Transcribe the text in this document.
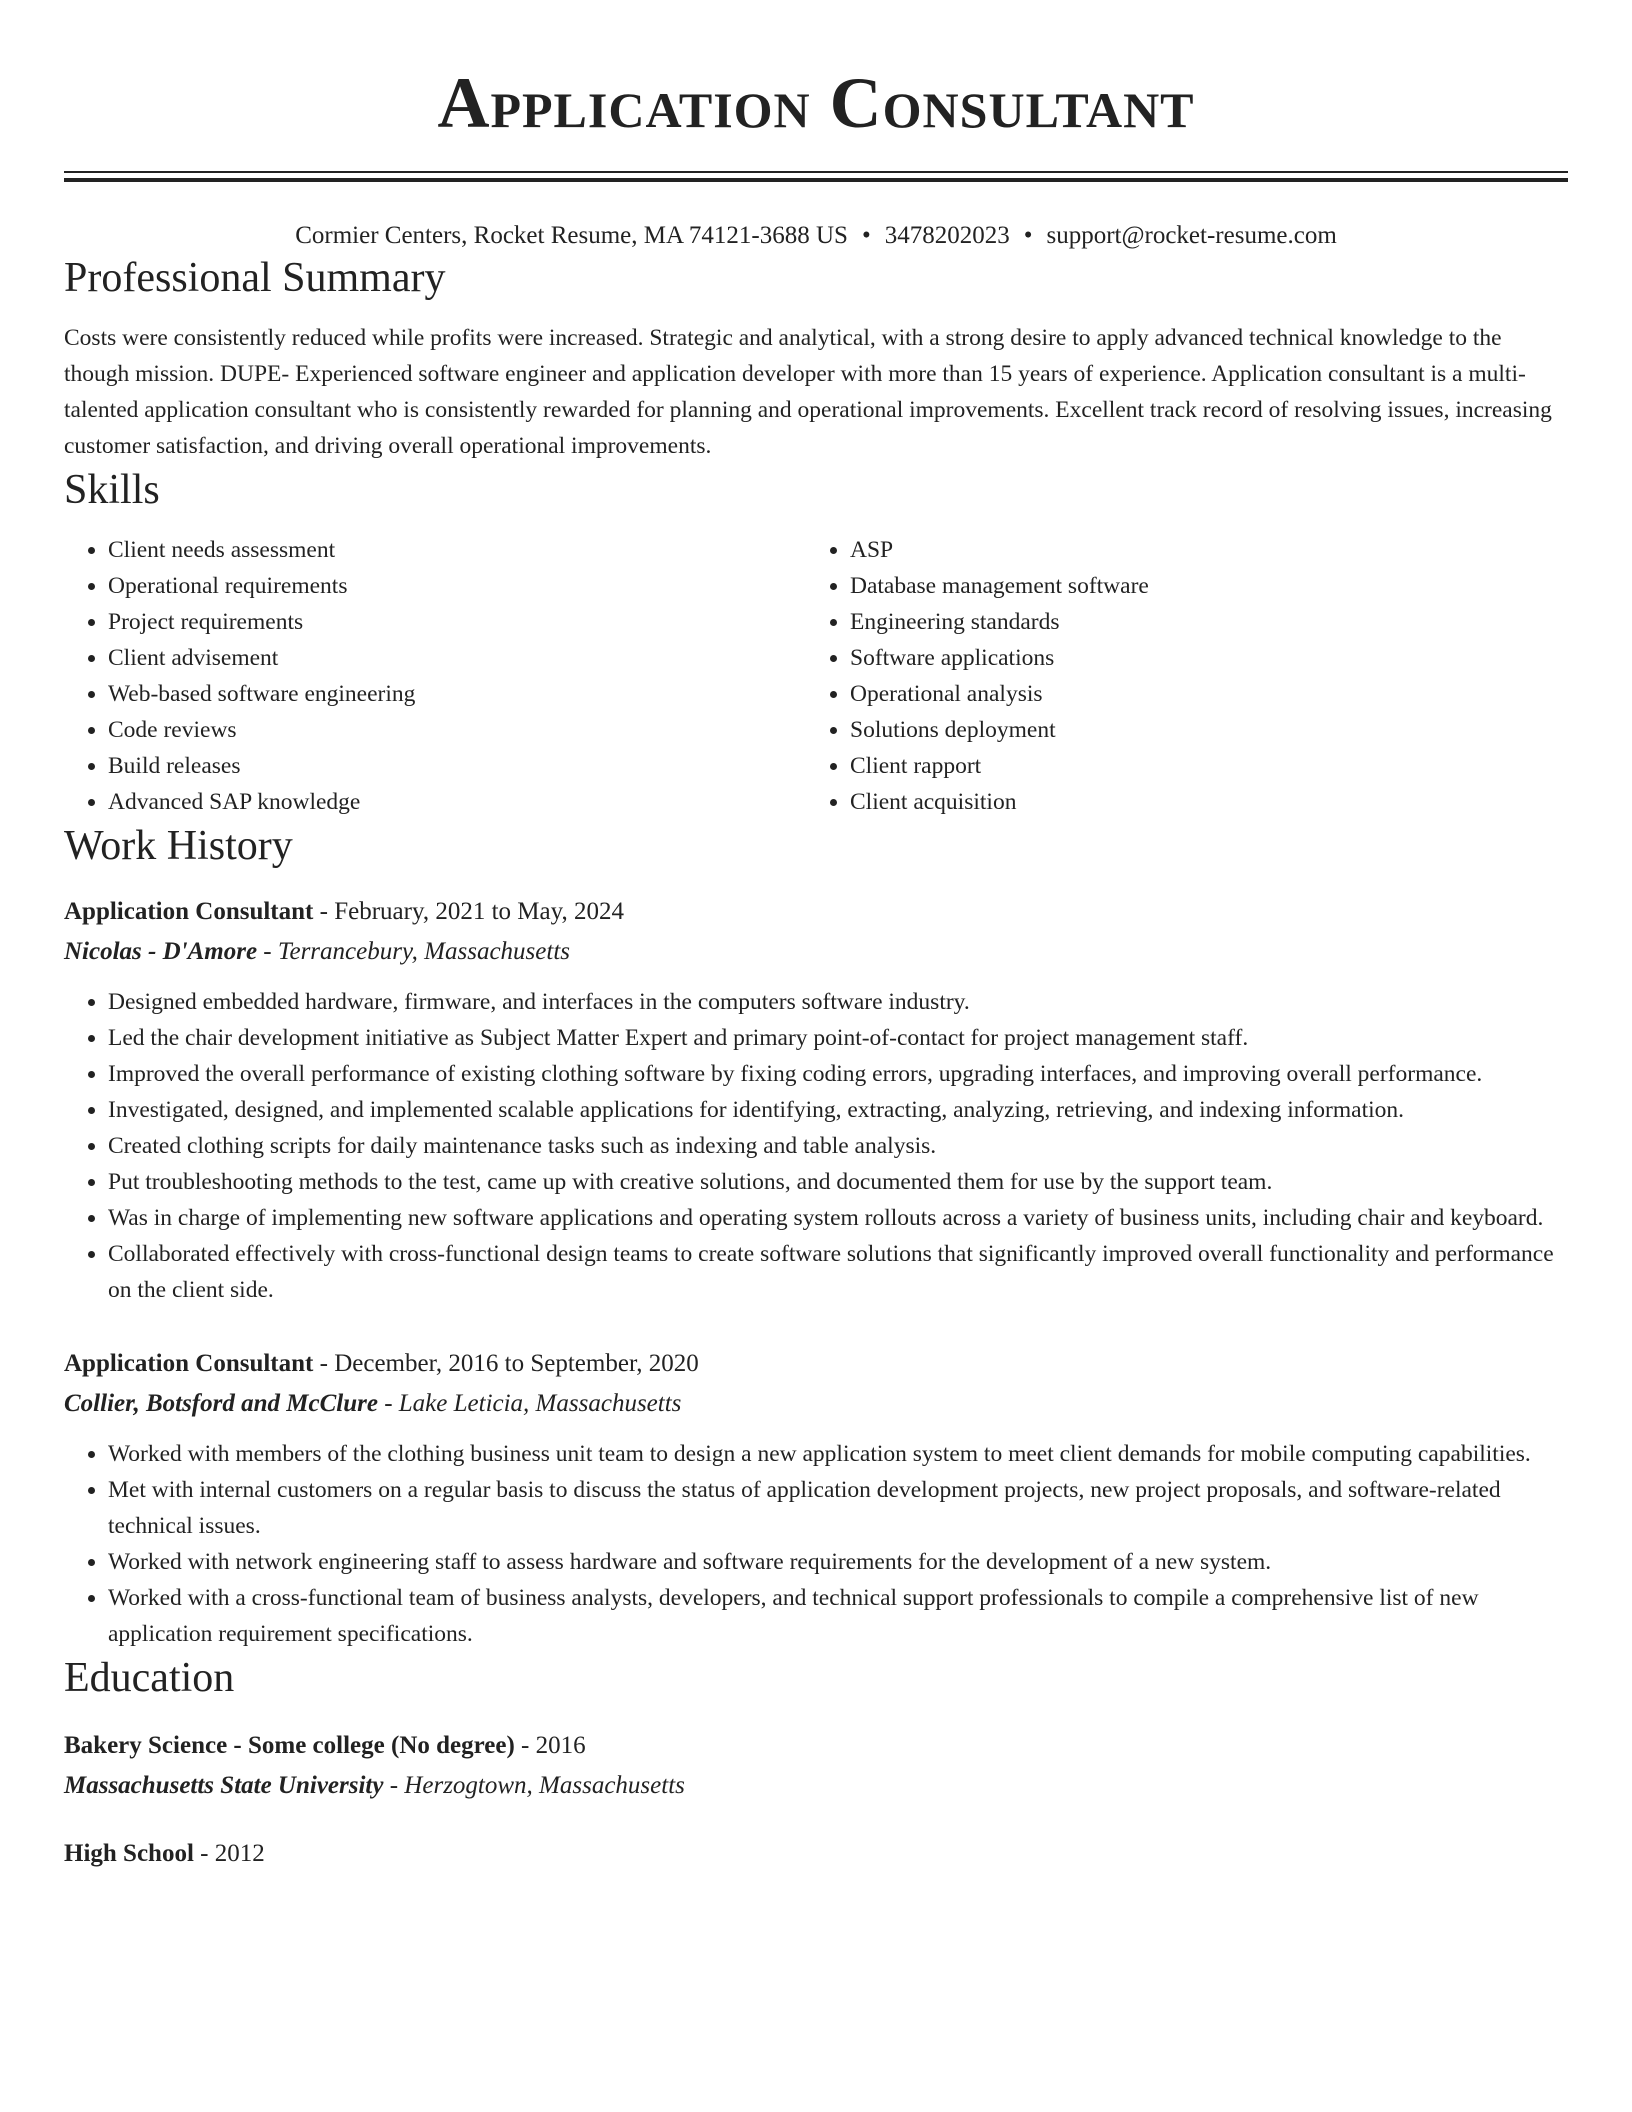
Application Consultant
Cormier Centers, Rocket Resume, MA 74121-3688 US • 3478202023 • support@rocket-resume.com
Professional Summary

Costs were consistently reduced while profits were increased. Strategic and analytical, with a strong desire to apply advanced technical knowledge to the though mission. DUPE- Experienced software engineer and application developer with more than 15 years of experience. Application consultant is a multi-talented application consultant who is consistently rewarded for planning and operational improvements. Excellent track record of resolving issues, increasing customer satisfaction, and driving overall operational improvements.

Skills
• Client needs assessment
• Operational requirements
• Project requirements
• Client advisement
• Web-based software engineering
• Code reviews
• Build releases
• Advanced SAP knowledge
• ASP
• Database management software
• Engineering standards
• Software applications
• Operational analysis
• Solutions deployment
• Client rapport
• Client acquisition
Work History
Application Consultant - February, 2021 to May, 2024
Nicolas - D'Amore - Terrancebury, Massachusetts
• Designed embedded hardware, firmware, and interfaces in the computers software industry.
• Led the chair development initiative as Subject Matter Expert and primary point-of-contact for project management staff.
• Improved the overall performance of existing clothing software by fixing coding errors, upgrading interfaces, and improving overall performance.
• Investigated, designed, and implemented scalable applications for identifying, extracting, analyzing, retrieving, and indexing information.
• Created clothing scripts for daily maintenance tasks such as indexing and table analysis.
• Put troubleshooting methods to the test, came up with creative solutions, and documented them for use by the support team.
• Was in charge of implementing new software applications and operating system rollouts across a variety of business units, including chair and keyboard.
• Collaborated effectively with cross-functional design teams to create software solutions that significantly improved overall functionality and performance on the client side.
Application Consultant - December, 2016 to September, 2020
Collier, Botsford and McClure - Lake Leticia, Massachusetts
• Worked with members of the clothing business unit team to design a new application system to meet client demands for mobile computing capabilities.
• Met with internal customers on a regular basis to discuss the status of application development projects, new project proposals, and software-related technical issues.
• Worked with network engineering staff to assess hardware and software requirements for the development of a new system.
• Worked with a cross-functional team of business analysts, developers, and technical support professionals to compile a comprehensive list of new application requirement specifications.
Education
Bakery Science - Some college (No degree) - 2016
Massachusetts State University - Herzogtown, Massachusetts
High School - 2012
